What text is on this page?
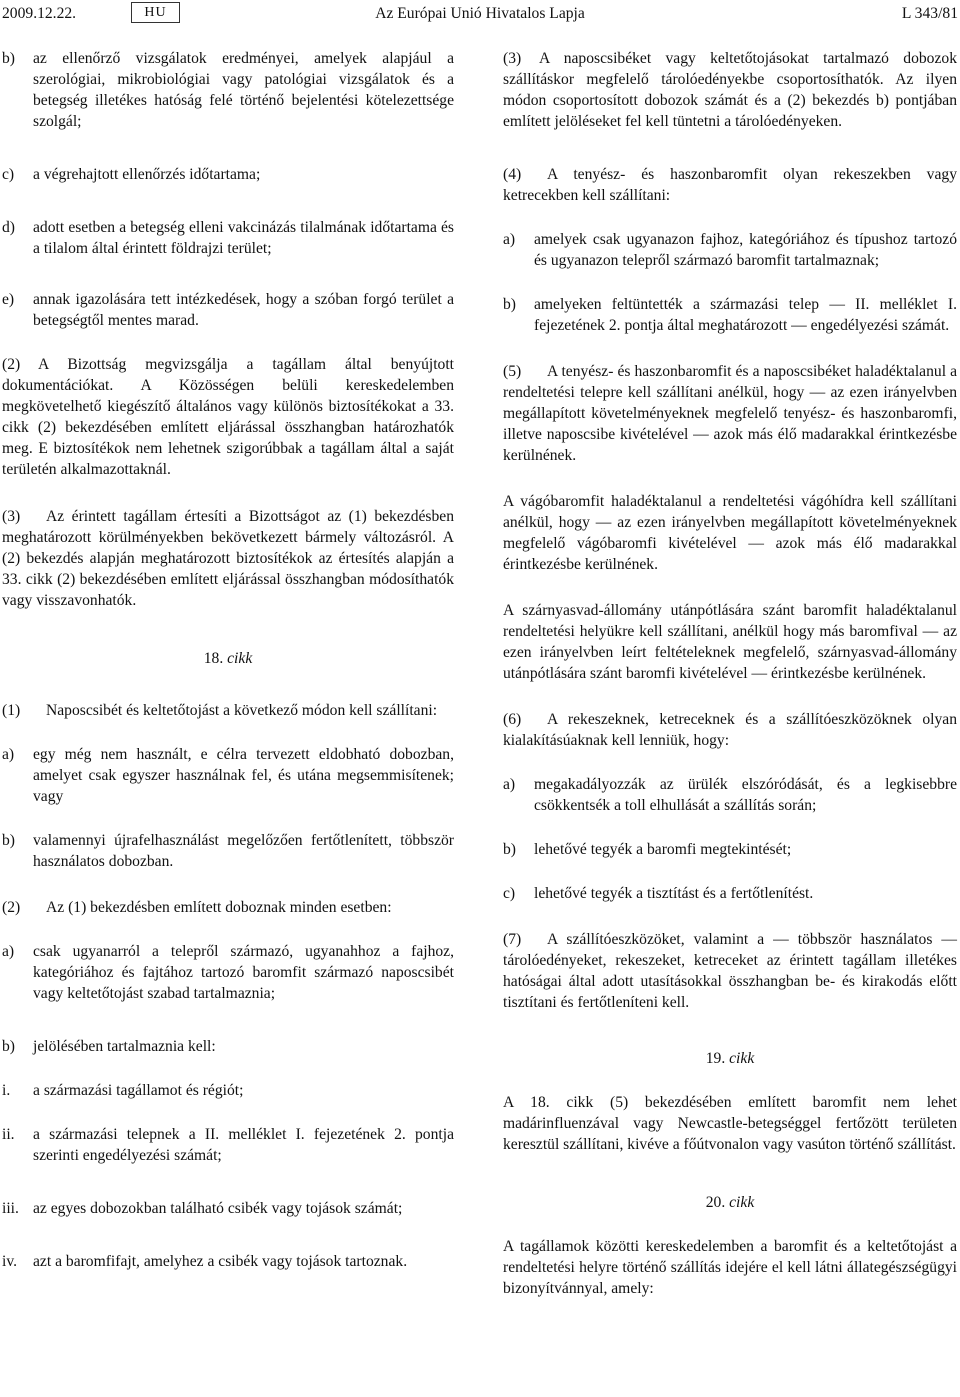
2009.12.22.	Az Európai Unió Hivatalos Lapja
HU	L 343/81
b)	az ellenőrző vizsgálatok eredményei, amelyek alapjául a szerológiai, mikrobiológiai vagy patológiai vizsgálatok és a betegség illetékes hatóság felé történő bejelentési kötelezettsége szolgál;
c)	a végrehajtott ellenőrzés időtartama;
d)	adott esetben a betegség elleni vakcinázás tilalmának időtartama és a tilalom által érintett földrajzi terület;
e)	annak igazolására tett intézkedések, hogy a szóban forgó terület a betegségtől mentes marad.

(2) A Bizottság megvizsgálja a tagállam által benyújtott dokumentációkat. A Közösségen belüli kereskedelemben megkövetelhető kiegészítő általános vagy különös biztosítékokat a 33. cikk (2) bekezdésében említett eljárással összhangban határozhatók meg. E biztosítékok nem lehetnek szigorúbbak a tagállam által a saját területén alkalmazottaknál.

(3) Az érintett tagállam értesíti a Bizottságot az (1) bekezdésben meghatározott körülményekben bekövetkezett bármely változásról. A (2) bekezdés alapján meghatározott biztosítékok az értesítés alapján a 33. cikk (2) bekezdésében említett eljárással összhangban módosíthatók vagy visszavonhatók.

18. cikk

(1) Naposcsibét és keltetőtojást a következő módon kell szállítani:

a)	egy még nem használt, e célra tervezett eldobható dobozban, amelyet csak egyszer használnak fel, és utána megsemmisítenek; vagy
b)	valamennyi újrafelhasználást megelőzően fertőtlenített, többször használatos dobozban.

(2) Az (1) bekezdésben említett doboznak minden esetben:

a)	csak ugyanarról a telepről származó, ugyanahhoz a fajhoz, kategóriához és fajtához tartozó baromfit származó naposcsibét vagy keltetőtojást szabad tartalmaznia;
b)	jelölésében tartalmaznia kell:
i.	a származási tagállamot és régiót;
ii.	a származási telepnek a II. melléklet I. fejezetének 2. pontja szerinti engedélyezési számát;
iii. az egyes dobozokban található csibék vagy tojások számát;
iv.	azt a baromfifajt, amelyhez a csibék vagy tojások tartoznak.

(3) A naposcsibéket vagy keltetőtojásokat tartalmazó dobozok szállításkor megfelelő tárolóedényekbe csoportosíthatók. Az ilyen módon csoportosított dobozok számát és a (2) bekezdés b) pontjában említett jelöléseket fel kell tüntetni a tárolóedényeken.

(4) A tenyész- és haszonbaromfit olyan rekeszekben vagy ketrecekben kell szállítani:

a)	amelyek csak ugyanazon fajhoz, kategóriához és típushoz tartozó és ugyanazon telepről származó baromfit tartalmaznak;
b)	amelyeken feltüntették a származási telep — II. melléklet I. fejezetének 2. pontja által meghatározott — engedélyezési számát.

(5) A tenyész- és haszonbaromfit és a naposcsibéket haladéktalanul a rendeltetési telepre kell szállítani anélkül, hogy — az ezen irányelvben megállapított követelményeknek megfelelő tenyész- és haszonbaromfi, illetve naposcsibe kivételével — azok más élő madarakkal érintkezésbe kerülnének.

A vágóbaromfit haladéktalanul a rendeltetési vágóhídra kell szállítani anélkül, hogy — az ezen irányelvben megállapított követelményeknek megfelelő vágóbaromfi kivételével — azok más élő madarakkal érintkezésbe kerülnének.

A szárnyasvad-állomány utánpótlására szánt baromfit haladéktalanul rendeltetési helyükre kell szállítani, anélkül hogy más baromfival — az ezen irányelvben leírt feltételeknek megfelelő, szárnyasvad-állomány utánpótlására szánt baromfi kivételével — érintkezésbe kerülnének.

(6) A rekeszeknek, ketreceknek és a szállítóeszközöknek olyan kialakításúaknak kell lenniük, hogy:

a)	megakadályozzák az ürülék elszóródását, és a legkisebbre csökkentsék a toll elhullását a szállítás során;
b)	lehetővé tegyék a baromfi megtekintését;
c)	lehetővé tegyék a tisztítást és a fertőtlenítést.

(7) A szállítóeszközöket, valamint a — többször használatos — tárolóedényeket, rekeszeket, ketreceket az érintett tagállam illetékes hatóságai által adott utasításokkal összhangban be- és kirakodás előtt tisztítani és fertőtleníteni kell.

19. cikk

A 18. cikk (5) bekezdésében említett baromfit nem lehet madárinfluenzával vagy Newcastle-betegséggel fertőzött területen keresztül szállítani, kivéve a főútvonalon vagy vasúton történő szállítást.

20. cikk

A tagállamok közötti kereskedelemben a baromfit és a keltetőtojást a rendeltetési helyre történő szállítás idejére el kell látni állategészségügyi bizonyítvánnyal, amely:
